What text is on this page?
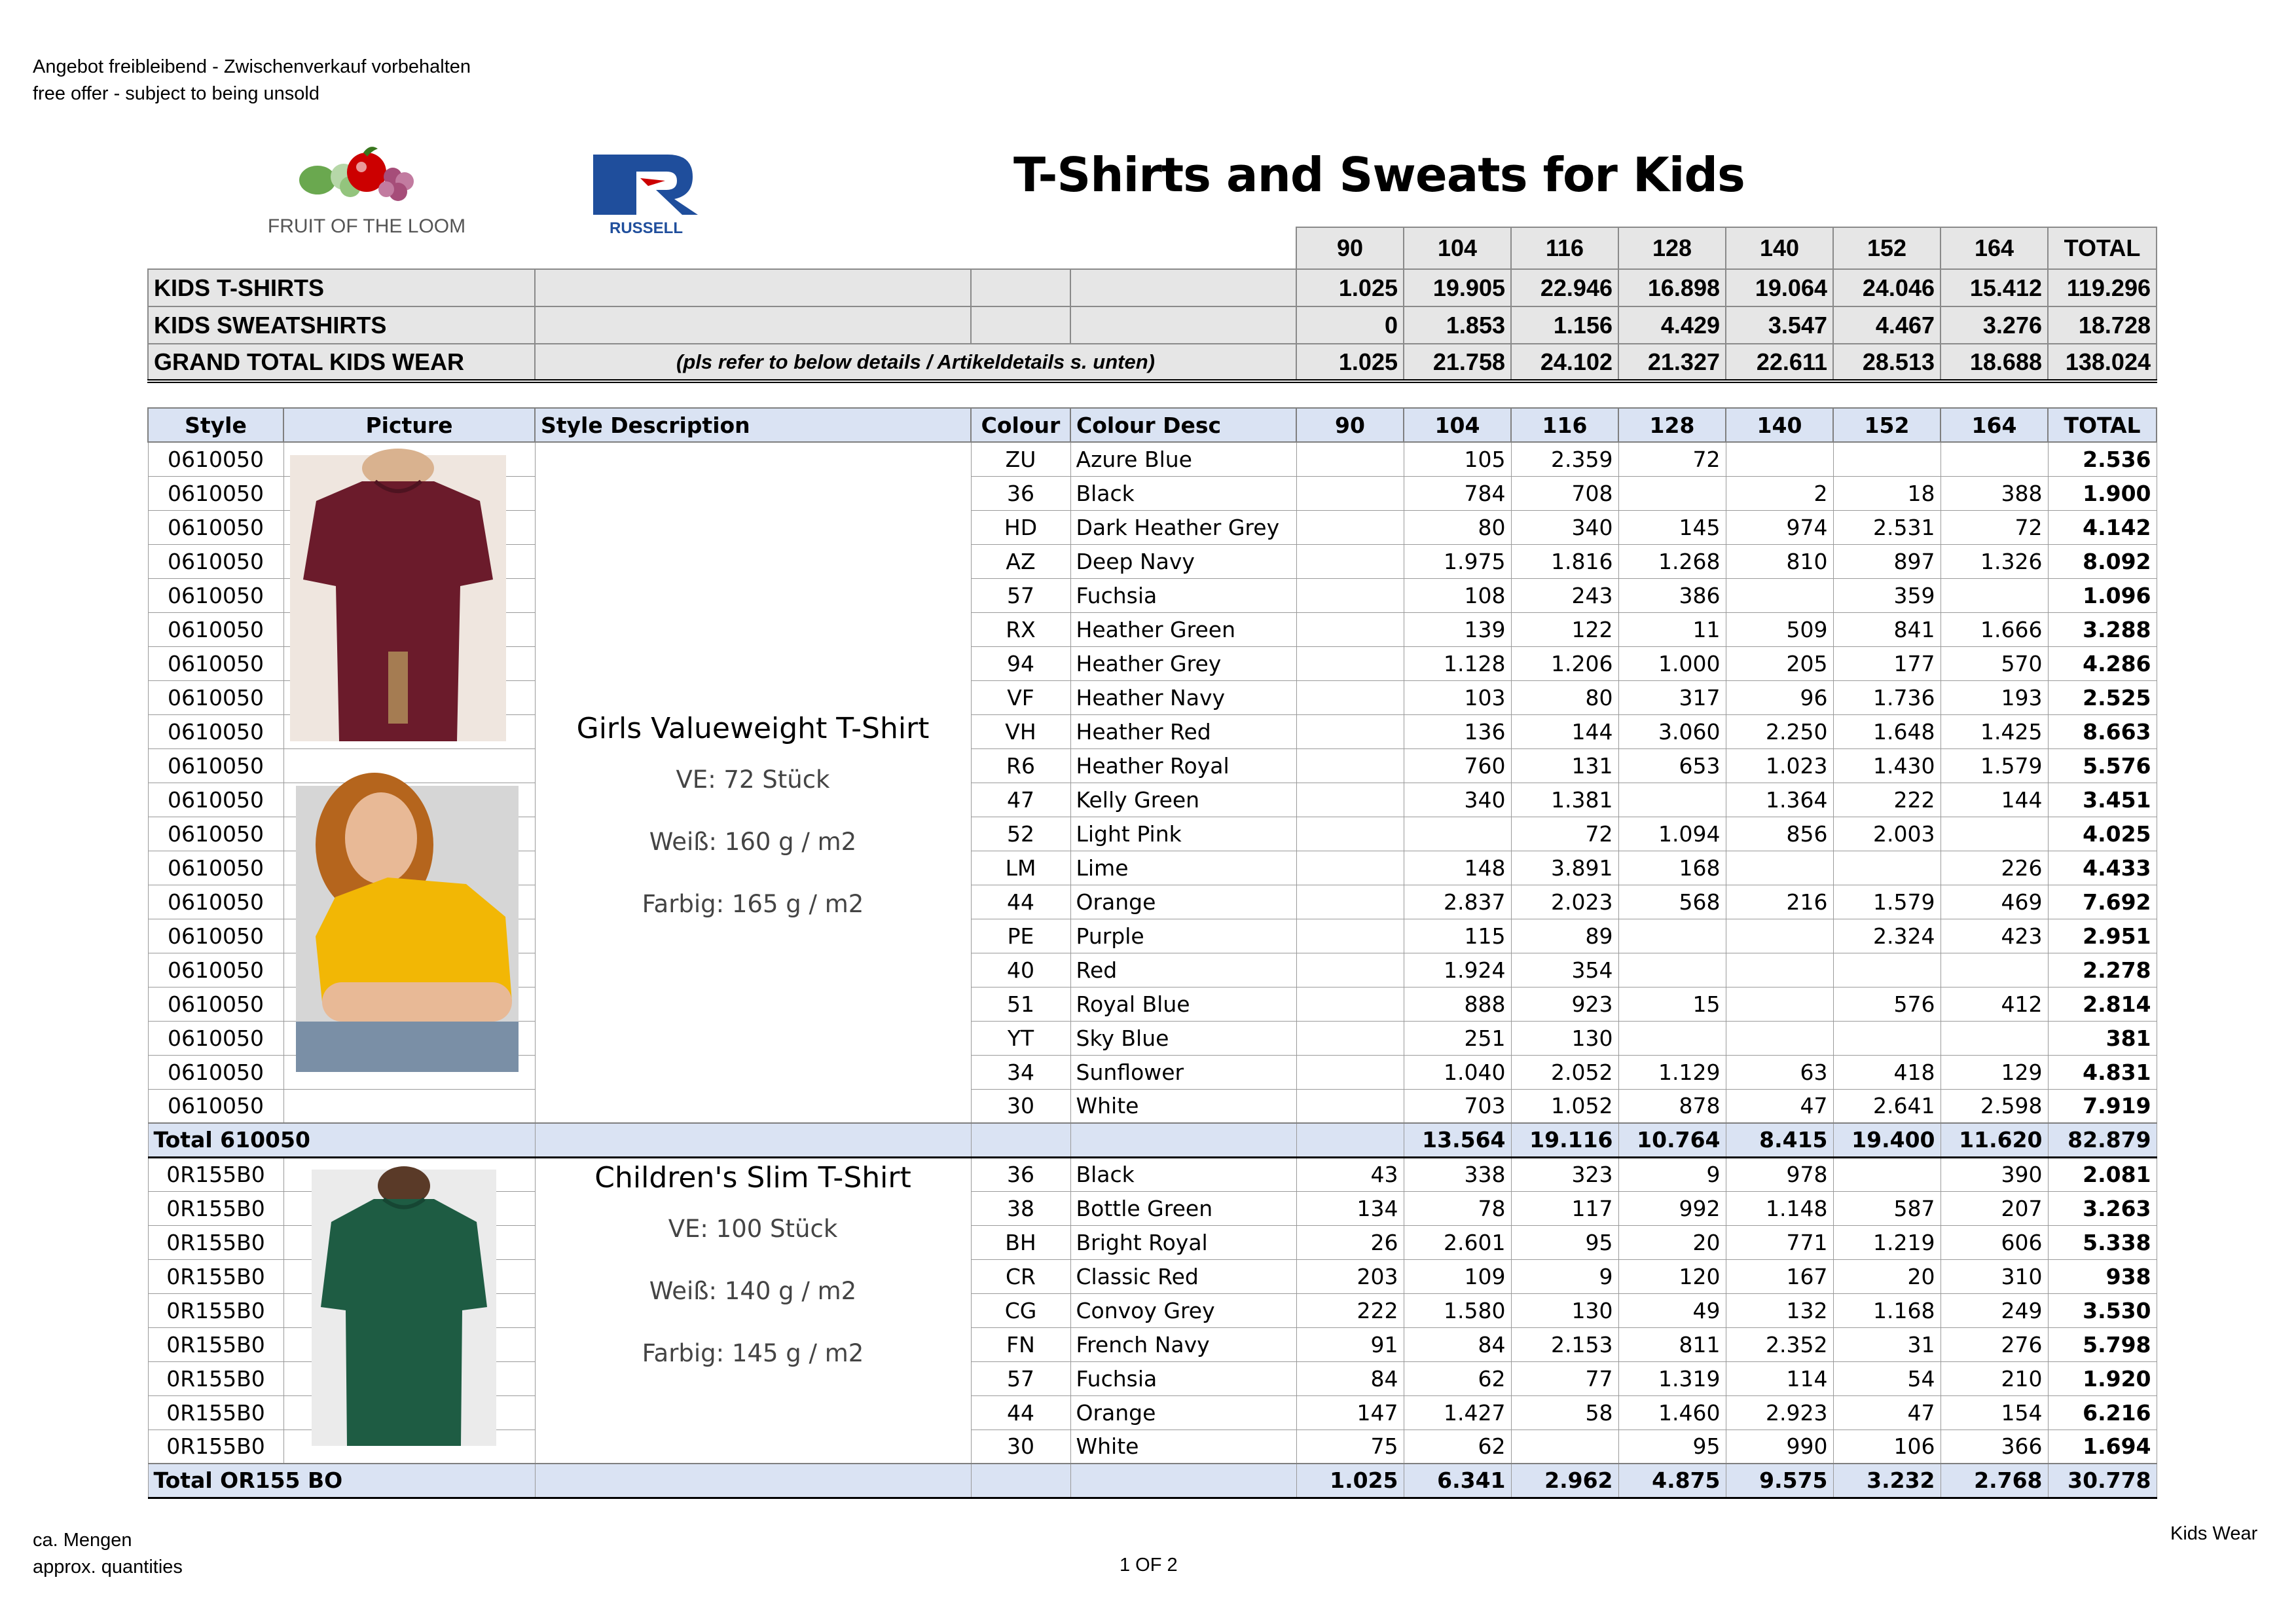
Angebot freibleibend - Zwischenverkauf vorbehalten
free offer - subject to being unsold
FRUIT OF THE LOOM	RUSSELL
T-Shirts and Sweats for Kids
				90	104	116	128	140	152	164	TOTAL
KIDS T-SHIRTS				1.025	19.905	22.946	16.898	19.064	24.046	15.412	119.296
KIDS SWEATSHIRTS				0	1.853	1.156	4.429	3.547	4.467	3.276	18.728
GRAND TOTAL KIDS WEAR	(pls refer to below details / Artikeldetails s. unten)			1.025	21.758	24.102	21.327	22.611	28.513	18.688	138.024
Style	Picture	Style Description	Colour	Colour Desc	90	104	116	128	140	152	164	TOTAL
0610050		Girls Valueweight T-Shirt
VE: 72 Stück
Weiß: 160 g / m2
Farbig: 165 g / m2	ZU	Azure Blue		105	2.359	72				2.536
0610050			36	Black		784	708		2	18	388	1.900
0610050			HD	Dark Heather Grey		80	340	145	974	2.531	72	4.142
0610050			AZ	Deep Navy		1.975	1.816	1.268	810	897	1.326	8.092
0610050			57	Fuchsia		108	243	386		359		1.096
0610050			RX	Heather Green		139	122	11	509	841	1.666	3.288
0610050			94	Heather Grey		1.128	1.206	1.000	205	177	570	4.286
0610050			VF	Heather Navy		103	80	317	96	1.736	193	2.525
0610050			VH	Heather Red		136	144	3.060	2.250	1.648	1.425	8.663
0610050			R6	Heather Royal		760	131	653	1.023	1.430	1.579	5.576
0610050			47	Kelly Green		340	1.381		1.364	222	144	3.451
0610050			52	Light Pink			72	1.094	856	2.003		4.025
0610050			LM	Lime		148	3.891	168			226	4.433
0610050			44	Orange		2.837	2.023	568	216	1.579	469	7.692
0610050			PE	Purple		115	89			2.324	423	2.951
0610050			40	Red		1.924	354					2.278
0610050			51	Royal Blue		888	923	15		576	412	2.814
0610050			YT	Sky Blue		251	130					381
0610050			34	Sunflower		1.040	2.052	1.129	63	418	129	4.831
0610050			30	White		703	1.052	878	47	2.641	2.598	7.919
Total 610050						13.564	19.116	10.764	8.415	19.400	11.620	82.879
0R155B0		Children's Slim T-Shirt
VE: 100 Stück
Weiß: 140 g / m2
Farbig: 145 g / m2	36	Black	43	338	323	9	978		390	2.081
0R155B0			38	Bottle Green	134	78	117	992	1.148	587	207	3.263
0R155B0			BH	Bright Royal	26	2.601	95	20	771	1.219	606	5.338
0R155B0			CR	Classic Red	203	109	9	120	167	20	310	938
0R155B0			CG	Convoy Grey	222	1.580	130	49	132	1.168	249	3.530
0R155B0			FN	French Navy	91	84	2.153	811	2.352	31	276	5.798
0R155B0			57	Fuchsia	84	62	77	1.319	114	54	210	1.920
0R155B0			44	Orange	147	1.427	58	1.460	2.923	47	154	6.216
0R155B0			30	White	75	62		95	990	106	366	1.694
Total OR155 BO					1.025	6.341	2.962	4.875	9.575	3.232	2.768	30.778
ca. Mengen
approx. quantities	1 OF 2
Kids Wear
